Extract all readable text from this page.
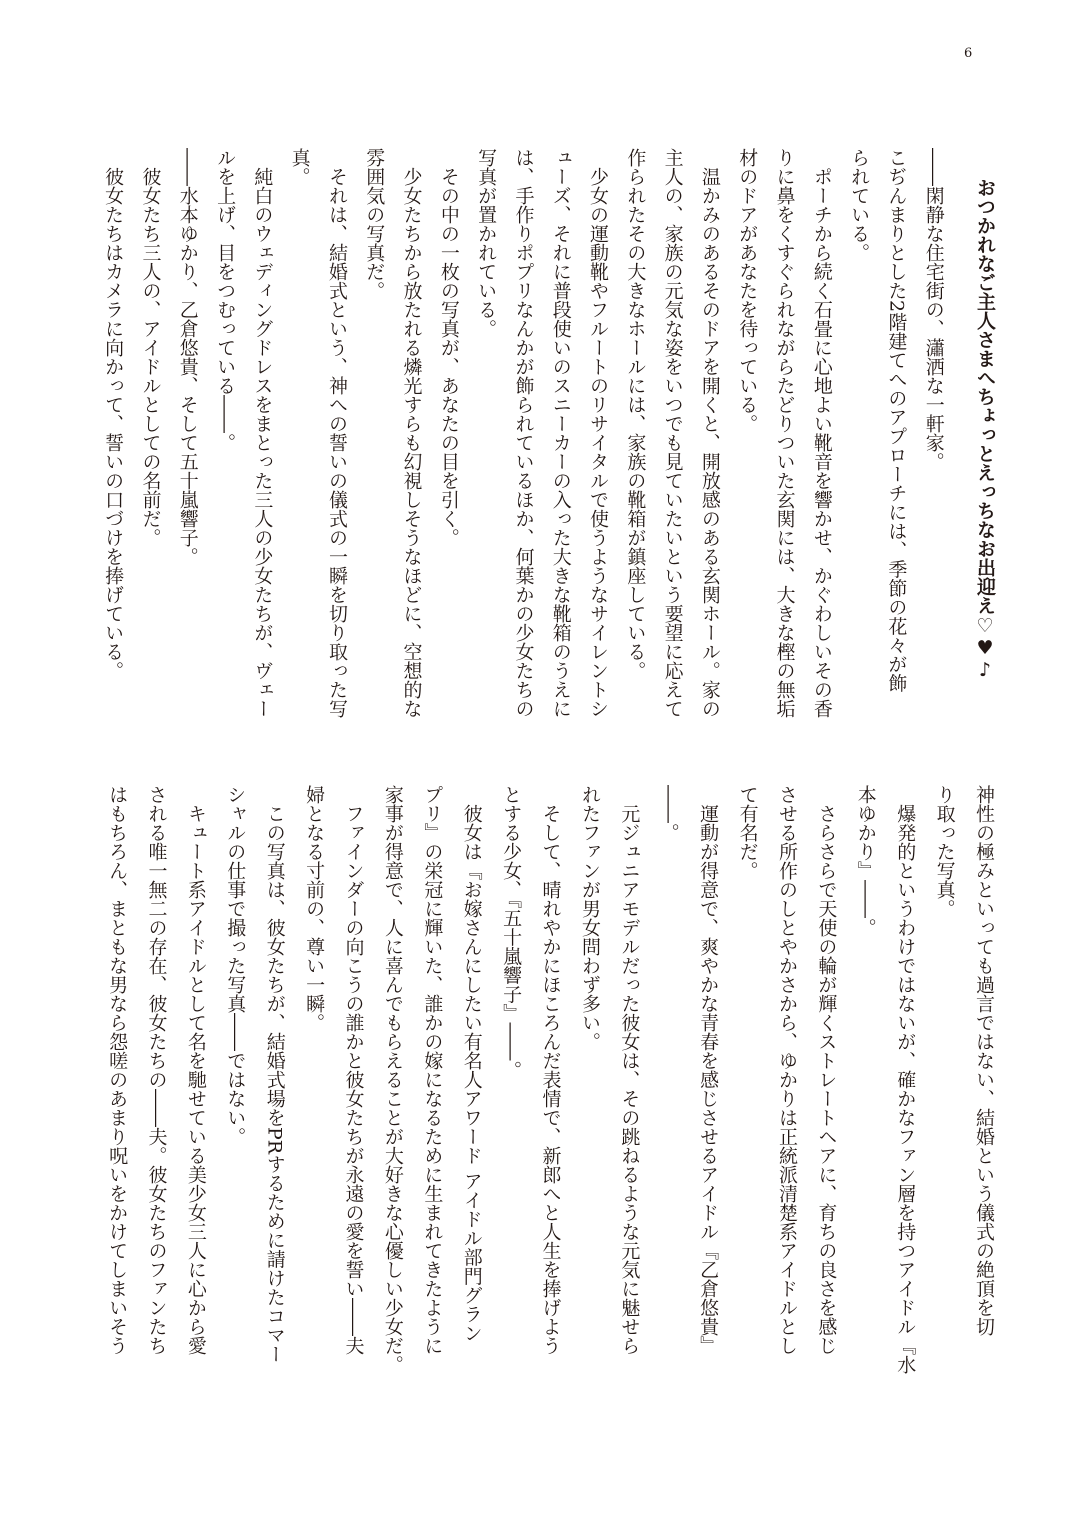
6
おつかれなご主人さまへちょっとえっちなお出迎え♡♥♪
――閑静な住宅街の、瀟洒な一軒家。
こぢんまりとした2階建てへのアプローチには、季節の花々が飾
られている。
　ポーチから続く石畳に心地よい靴音を響かせ、かぐわしいその香
りに鼻をくすぐられながらたどりついた玄関には、大きな樫の無垢
材のドアがあなたを待っている。
　温かみのあるそのドアを開くと、開放感のある玄関ホール。家の
主人の、家族の元気な姿をいつでも見ていたいという要望に応えて
作られたその大きなホールには、家族の靴箱が鎮座している。
　少女の運動靴やフルートのリサイタルで使うようなサイレントシ
ューズ、それに普段使いのスニーカーの入った大きな靴箱のうえに
は、手作りポプリなんかが飾られているほか、何葉かの少女たちの
写真が置かれている。
　その中の一枚の写真が、あなたの目を引く。
　少女たちから放たれる燐光すらも幻視しそうなほどに、空想的な
雰囲気の写真だ。
　それは、結婚式という、神への誓いの儀式の一瞬を切り取った写
真。
　純白のウェディングドレスをまとった三人の少女たちが、ヴェー
ルを上げ、目をつむっている――。
――水本ゆかり、乙倉悠貴、そして五十嵐響子。
　彼女たち三人の、アイドルとしての名前だ。
　彼女たちはカメラに向かって、誓いの口づけを捧げている。
神性の極みといっても過言ではない、結婚という儀式の絶頂を切
り取った写真。
　爆発的というわけではないが、確かなファン層を持つアイドル『水
本ゆかり』――。
　さらさらで天使の輪が輝くストレートヘアに、育ちの良さを感じ
させる所作のしとやかさから、ゆかりは正統派清楚系アイドルとし
て有名だ。
　運動が得意で、爽やかな青春を感じさせるアイドル『乙倉悠貴』
――。
　元ジュニアモデルだった彼女は、その跳ねるような元気に魅せら
れたファンが男女問わず多い。
　そして、晴れやかにほころんだ表情で、新郎へと人生を捧げよう
とする少女、『五十嵐響子』――。
　彼女は『お嫁さんにしたい有名人アワード アイドル部門グラン
プリ』の栄冠に輝いた、誰かの嫁になるために生まれてきたように
家事が得意で、人に喜んでもらえることが大好きな心優しい少女だ。
　ファインダーの向こうの誰かと彼女たちが永遠の愛を誓い――夫
婦となる寸前の、尊い一瞬。
　この写真は、彼女たちが、結婚式場をPRするために請けたコマー
シャルの仕事で撮った写真――ではない。
　キュート系アイドルとして名を馳せている美少女三人に心から愛
される唯一無二の存在、彼女たちの――夫。彼女たちのファンたち
はもちろん、まともな男なら怨嗟のあまり呪いをかけてしまいそう
